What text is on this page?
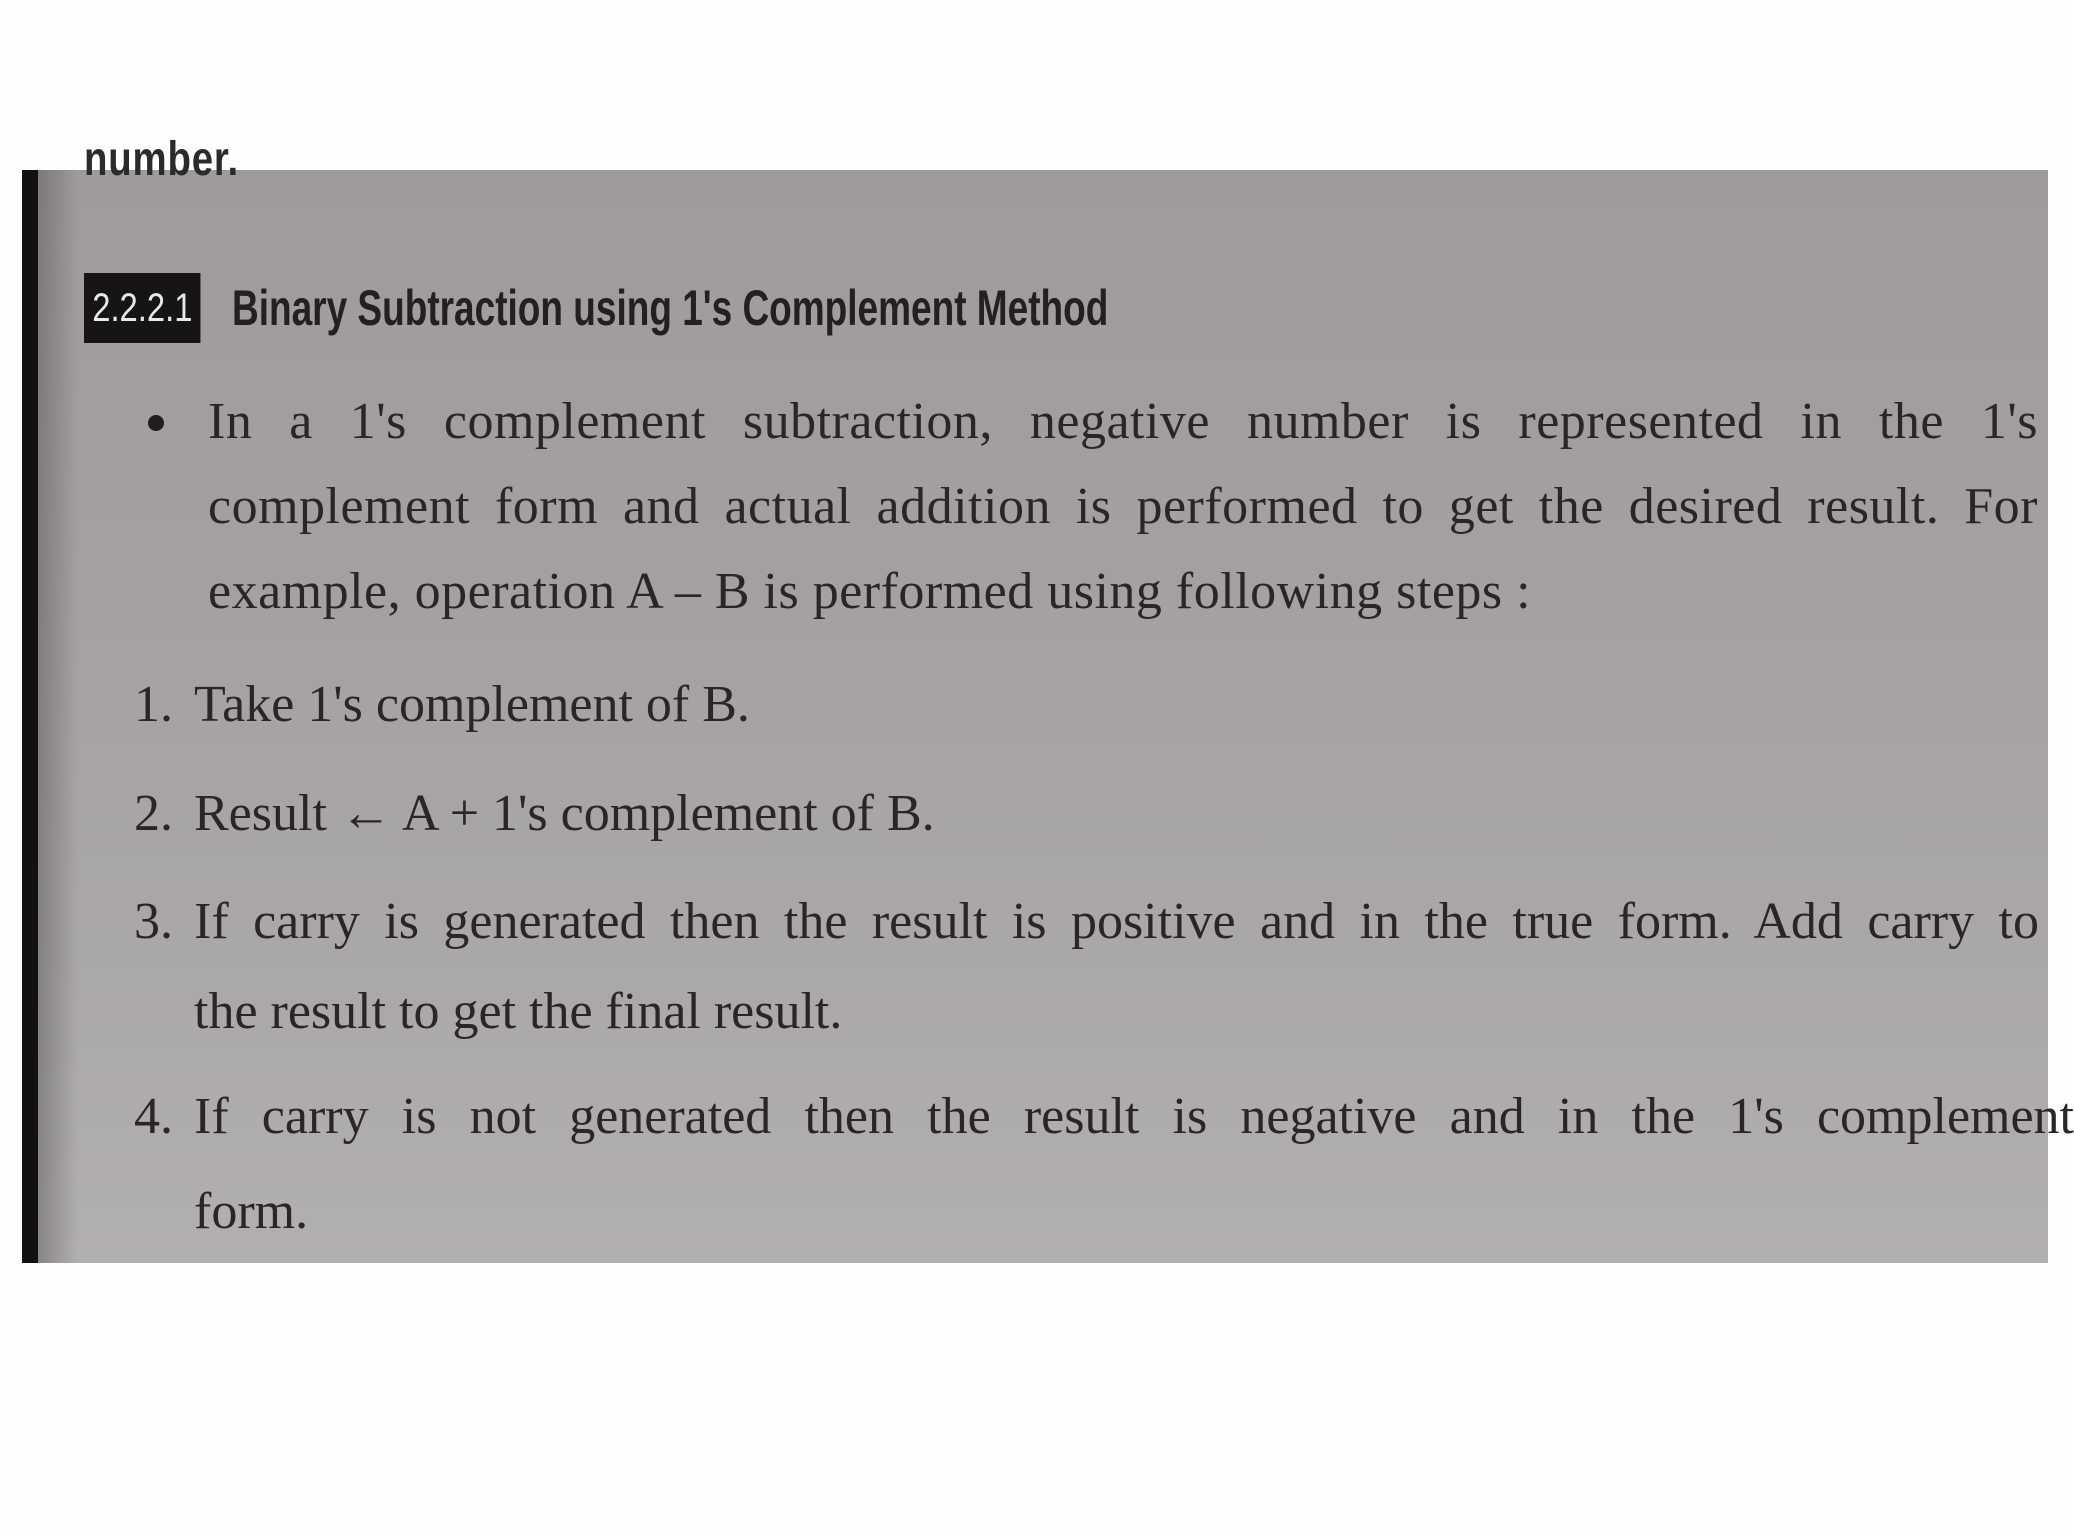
number.
2.2.2.1 Binary Subtraction using 1's Complement Method
In a 1's complement subtraction, negative number is represented in the 1's
complement form and actual addition is performed to get the desired result. For
example, operation A – B is performed using following steps :
1. Take 1's complement of B.
2. Result ← A + 1's complement of B.
3. If carry is generated then the result is positive and in the true form. Add carry to
the result to get the final result.
4. If carry is not generated then the result is negative and in the 1's complement
form.
